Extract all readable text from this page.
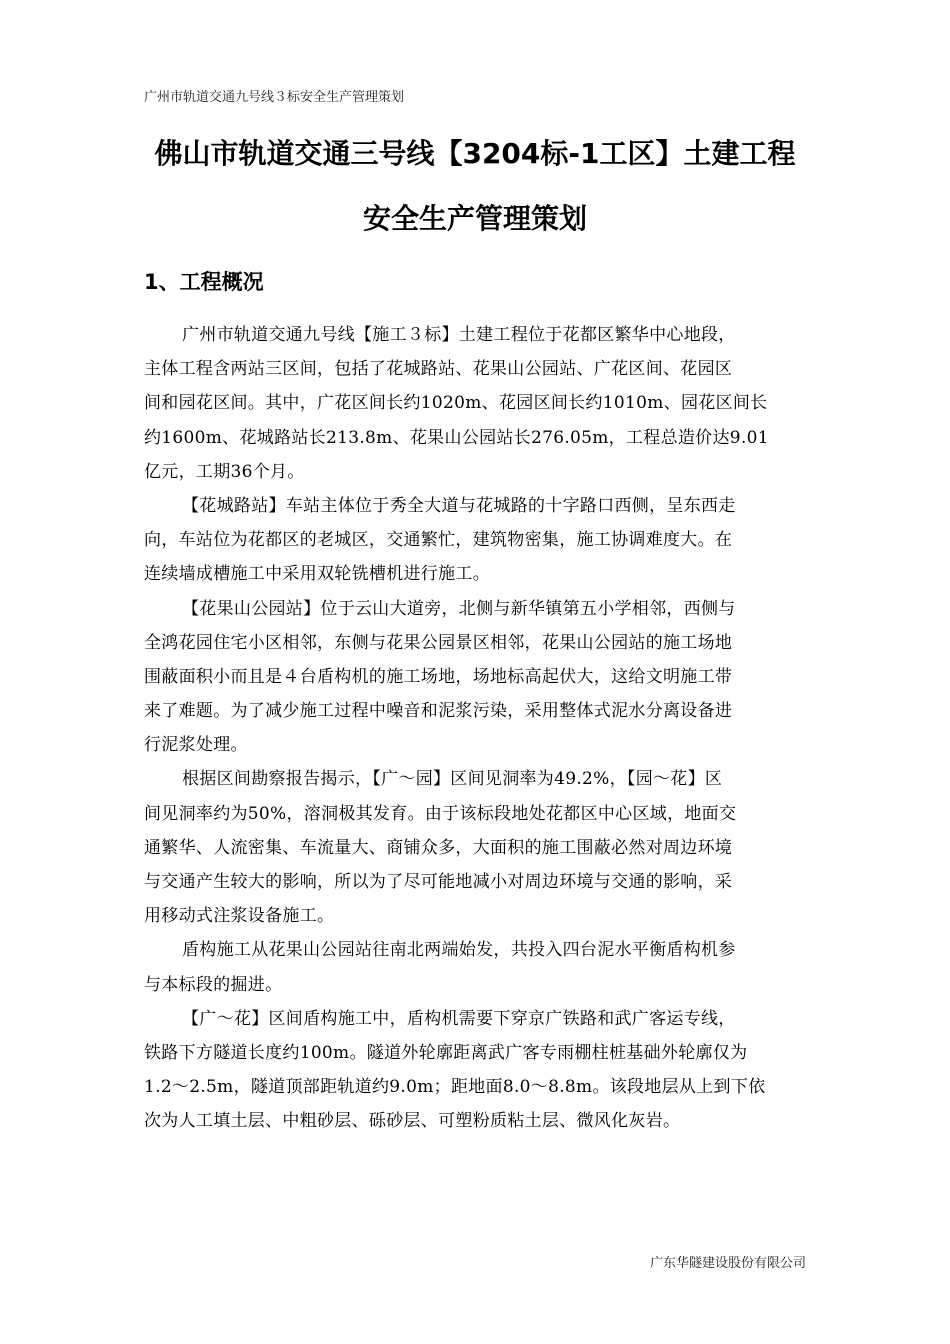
广州市轨道交通九号线３标安全生产管理策划
佛山市轨道交通三号线【3204标-1工区】土建工程
安全生产管理策划
1、工程概况
广州市轨道交通九号线【施工３标】土建工程位于花都区繁华中心地段，
主体工程含两站三区间，包括了花城路站、花果山公园站、广花区间、花园区
间和园花区间。其中，广花区间长约1020m、花园区间长约1010m、园花区间长
约1600m、花城路站长213.8m、花果山公园站长276.05m，工程总造价达9.01
亿元，工期36个月。
【花城路站】车站主体位于秀全大道与花城路的十字路口西侧，呈东西走
向，车站位为花都区的老城区，交通繁忙，建筑物密集，施工协调难度大。在
连续墙成槽施工中采用双轮铣槽机进行施工。
【花果山公园站】位于云山大道旁，北侧与新华镇第五小学相邻，西侧与
全鸿花园住宅小区相邻，东侧与花果公园景区相邻，花果山公园站的施工场地
围蔽面积小而且是４台盾构机的施工场地，场地标高起伏大，这给文明施工带
来了难题。为了减少施工过程中噪音和泥浆污染，采用整体式泥水分离设备进
行泥浆处理。
根据区间勘察报告揭示，【广～园】区间见洞率为49.2%，【园～花】区
间见洞率约为50%，溶洞极其发育。由于该标段地处花都区中心区域，地面交
通繁华、人流密集、车流量大、商铺众多，大面积的施工围蔽必然对周边环境
与交通产生较大的影响，所以为了尽可能地减小对周边环境与交通的影响，采
用移动式注浆设备施工。
盾构施工从花果山公园站往南北两端始发，共投入四台泥水平衡盾构机参
与本标段的掘进。
【广～花】区间盾构施工中，盾构机需要下穿京广铁路和武广客运专线，
铁路下方隧道长度约100m。隧道外轮廓距离武广客专雨棚柱桩基础外轮廓仅为
1.2～2.5m，隧道顶部距轨道约9.0m；距地面8.0～8.8m。该段地层从上到下依
次为人工填土层、中粗砂层、砾砂层、可塑粉质粘土层、微风化灰岩。
广东华隧建设股份有限公司
